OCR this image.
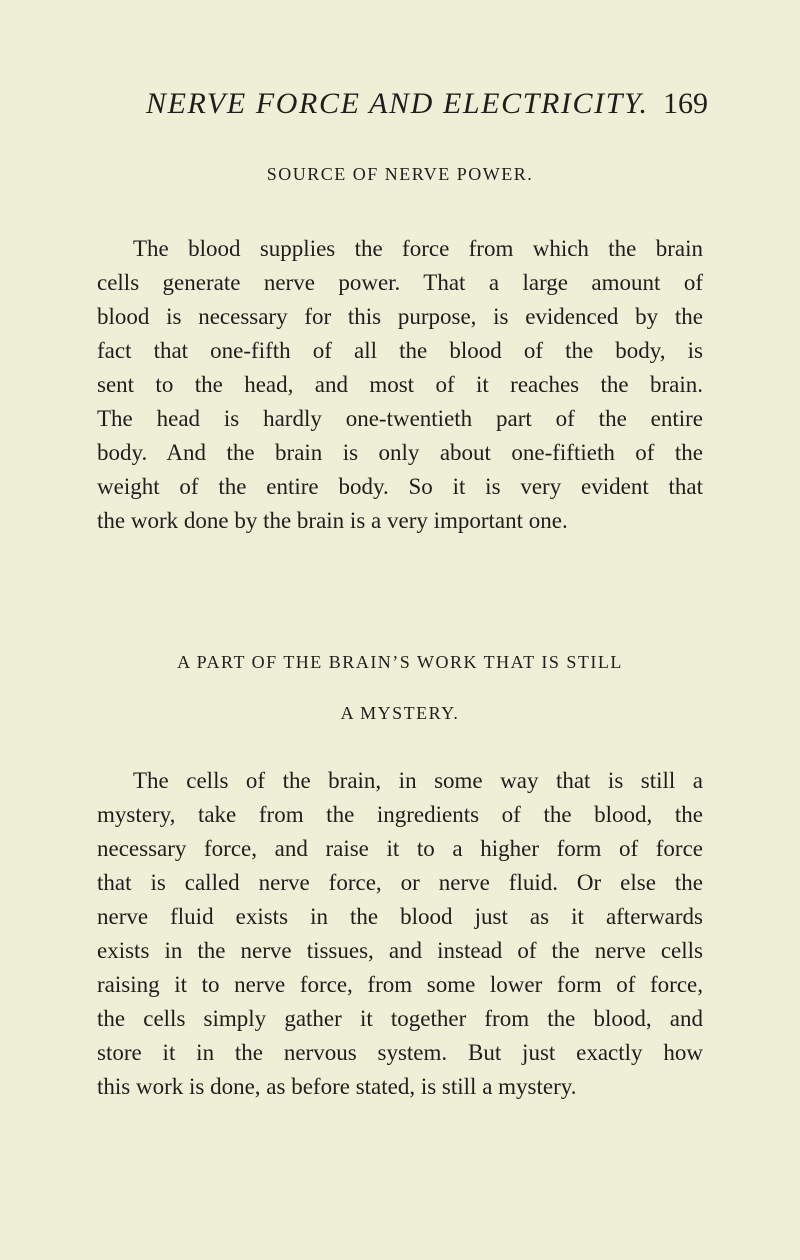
NERVE FORCE AND ELECTRICITY. 169
SOURCE OF NERVE POWER.
The blood supplies the force from which the brain
cells generate nerve power. That a large amount of
blood is necessary for this purpose, is evidenced by the
fact that one-fifth of all the blood of the body, is
sent to the head, and most of it reaches the brain.
The head is hardly one-twentieth part of the entire
body. And the brain is only about one-fiftieth of the
weight of the entire body. So it is very evident that
the work done by the brain is a very important one.
A PART OF THE BRAIN’S WORK THAT IS STILL
A MYSTERY.
The cells of the brain, in some way that is still a
mystery, take from the ingredients of the blood, the
necessary force, and raise it to a higher form of force
that is called nerve force, or nerve fluid. Or else the
nerve fluid exists in the blood just as it afterwards
exists in the nerve tissues, and instead of the nerve cells
raising it to nerve force, from some lower form of force,
the cells simply gather it together from the blood, and
store it in the nervous system. But just exactly how
this work is done, as before stated, is still a mystery.
